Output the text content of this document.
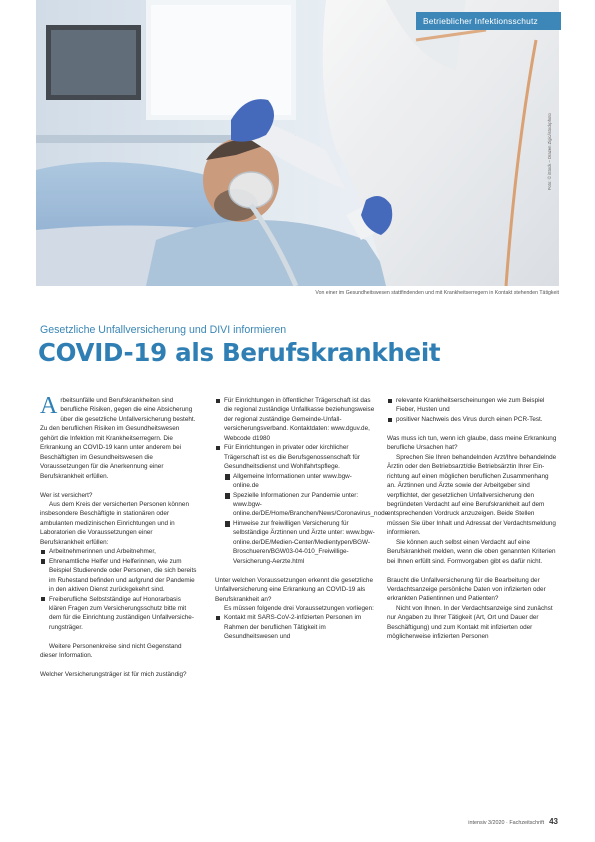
Betrieblicher Infektionsschutz
Foto: © iStock – Drazen Zigic/istockphoto
Von einer im Gesundheitswesen stattfindenden und mit Krankheitserregern in Kontakt stehenden Tätigkeit
Gesetzliche Unfallversicherung und DIVI informieren
COVID-19 als Berufskrankheit

Arbeitsunfälle und Berufskrankheiten sind berufliche Risiken, gegen die eine Absicherung über die gesetzliche Unfallversicherung besteht. Zu den beruflichen Risiken im Gesundheitswesen gehört die Infektion mit Krankheitserregern. Die Erkrankung an COVID-19 kann unter anderem bei Beschäftigten im Gesundheitswesen die Voraussetzungen für die Anerkennung einer Berufskrankheit erfüllen.

Wer ist versichert?

Aus dem Kreis der versicherten Personen können insbesondere Beschäftigte in stationären oder ambulanten medizinischen Einrichtungen und in Laboratorien die Voraussetzungen einer Berufskrankheit erfüllen:

Arbeitnehmerinnen und Arbeitnehmer,
Ehrenamtliche Helfer und Helferinnen, wie zum Beispiel Studierende oder Personen, die sich bereits im Ruhestand befinden und aufgrund der Pandemie in den aktiven Dienst zurückgekehrt sind.
Freiberufliche Selbstständige auf Honorarbasis klären Fragen zum Versicherungsschutz bitte mit dem für die Einrichtung zuständigen Unfallversicherungsträger.

Weitere Personenkreise sind nicht Gegenstand dieser Information.

Welcher Versicherungsträger ist für mich zuständig?

Für Einrichtungen in öffentlicher Trägerschaft ist das die regional zuständige Unfallkasse beziehungsweise der regional zuständige Gemeinde-Unfallversicherungsverband. Kontaktdaten: www.dguv.de, Webcode d1980
Für Einrichtungen in privater oder kirchlicher Trägerschaft ist es die Berufsgenossenschaft für Gesundheitsdienst und Wohlfahrtspflege.
Allgemeine Informationen unter www.bgw-online.de
Spezielle Informationen zur Pandemie unter: www.bgw-online.de/DE/Home/Branchen/News/Coronavirus_node
Hinweise zur freiwilligen Versicherung für selbständige Ärztinnen und Ärzte unter: www.bgw-online.de/DE/Medien-Center/Medientypen/BGW-Broschueren/BGW03-04-010_Freiwillige-Versicherung-Aerzte.html

Unter welchen Voraussetzungen erkennt die gesetzliche Unfallversicherung eine Erkrankung an COVID-19 als Berufskrankheit an?

Es müssen folgende drei Voraussetzungen vorliegen:

Kontakt mit SARS-CoV-2-infizierten Personen im Rahmen der beruflichen Tätigkeit im Gesundheitswesen und
relevante Krankheitserscheinungen wie zum Beispiel Fieber, Husten und
positiver Nachweis des Virus durch einen PCR-Test.

Was muss ich tun, wenn ich glaube, dass meine Erkrankung berufliche Ursachen hat?

Sprechen Sie Ihren behandelnden Arzt/Ihre behandelnde Ärztin oder den Betriebsarzt/die Betriebsärztin Ihrer Einrichtung auf einen möglichen beruflichen Zusammenhang an. Ärztinnen und Ärzte sowie der Arbeitgeber sind verpflichtet, der gesetzlichen Unfallversicherung den begründeten Verdacht auf eine Berufskrankheit auf dem entsprechenden Vordruck anzuzeigen. Beide Stellen müssen Sie über Inhalt und Adressat der Verdachtsmeldung informieren.

Sie können auch selbst einen Verdacht auf eine Berufskrankheit melden, wenn die oben genannten Kriterien bei Ihnen erfüllt sind. Formvorgaben gibt es dafür nicht.

Braucht die Unfallversicherung für die Bearbeitung der Verdachtsanzeige persönliche Daten von infizierten oder erkrankten Patientinnen und Patienten?

Nicht von Ihnen. In der Verdachtsanzeige sind zunächst nur Angaben zu Ihrer Tätigkeit (Art, Ort und Dauer der Beschäftigung) und zum Kontakt mit infizierten oder möglicherweise infizierten Personen

intensiv 3/2020 · Fachzeitschrift 43
